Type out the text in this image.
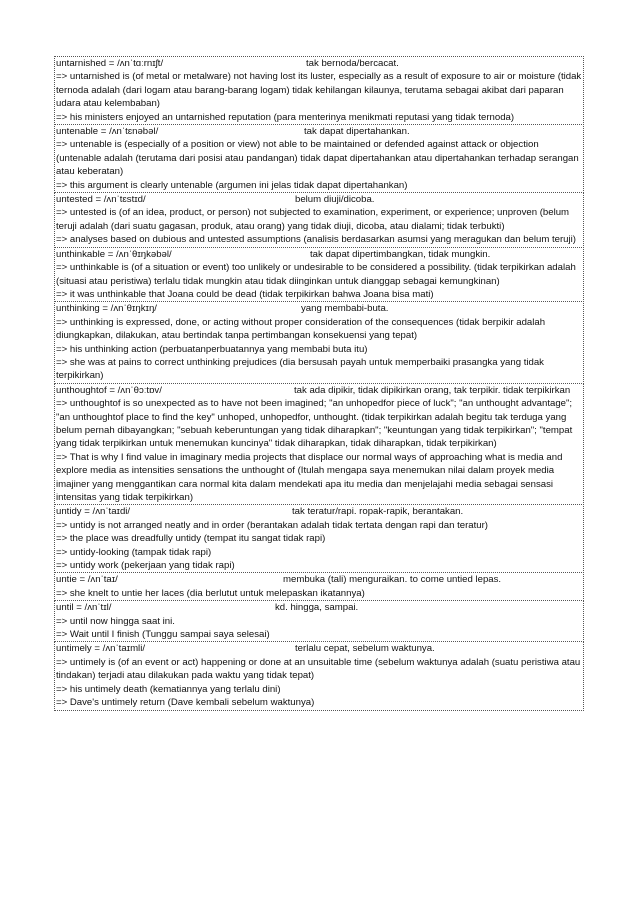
untarnished = /ʌnˈtɑːrnɪʃt/	tak bernoda/bercacat.
=> untarnished is (of metal or metalware) not having lost its luster, especially as a result of exposure to air or moisture (tidak ternoda adalah (dari logam atau barang-barang logam) tidak kehilangan kilaunya, terutama sebagai akibat dari paparan udara atau kelembaban)
=> his ministers enjoyed an untarnished reputation (para menterinya menikmati reputasi yang tidak ternoda)
untenable = /ʌnˈtɛnəbəl/	tak dapat dipertahankan.
=> untenable is (especially of a position or view) not able to be maintained or defended against attack or objection (untenable adalah (terutama dari posisi atau pandangan) tidak dapat dipertahankan atau dipertahankan terhadap serangan atau keberatan)
=> this argument is clearly untenable (argumen ini jelas tidak dapat dipertahankan)
untested = /ʌnˈtɛstɪd/	belum diuji/dicoba.
=> untested is (of an idea, product, or person) not subjected to examination, experiment, or experience; unproven (belum teruji adalah (dari suatu gagasan, produk, atau orang) yang tidak diuji, dicoba, atau dialami; tidak terbukti)
=> analyses based on dubious and untested assumptions (analisis berdasarkan asumsi yang meragukan dan belum teruji)
unthinkable = /ʌnˈθɪŋkəbəl/	tak dapat dipertimbangkan, tidak mungkin.
=> unthinkable is (of a situation or event) too unlikely or undesirable to be considered a possibility. (tidak terpikirkan adalah (situasi atau peristiwa) terlalu tidak mungkin atau tidak diinginkan untuk dianggap sebagai kemungkinan)
=> it was unthinkable that Joana could be dead (tidak terpikirkan bahwa Joana bisa mati)
unthinking = /ʌnˈθɪŋkɪŋ/	yang membabi-buta.
=> unthinking is expressed, done, or acting without proper consideration of the consequences (tidak berpikir adalah diungkapkan, dilakukan, atau bertindak tanpa pertimbangan konsekuensi yang tepat)
=> his unthinking action (perbuatanperbuatannya yang membabi buta itu)
=> she was at pains to correct unthinking prejudices (dia bersusah payah untuk memperbaiki prasangka yang tidak terpikirkan)
unthoughtof = /ʌnˈθɔːtɒv/	tak ada dipikir, tidak dipikirkan orang, tak terpikir. tidak terpikirkan
=> unthoughtof is so unexpected as to have not been imagined; "an unhopedfor piece of luck"; "an unthought advantage"; "an unthoughtof place to find the key" unhoped, unhopedfor, unthought. (tidak terpikirkan adalah begitu tak terduga yang belum pernah dibayangkan; "sebuah keberuntungan yang tidak diharapkan"; "keuntungan yang tidak terpikirkan"; "tempat yang tidak terpikirkan untuk menemukan kuncinya" tidak diharapkan, tidak diharapkan, tidak terpikirkan)
=> That is why I find value in imaginary media projects that displace our normal ways of approaching what is media and explore media as intensities sensations the unthought of (Itulah mengapa saya menemukan nilai dalam proyek media imajiner yang menggantikan cara normal kita dalam mendekati apa itu media dan menjelajahi media sebagai sensasi intensitas yang tidak terpikirkan)
untidy = /ʌnˈtaɪdi/	tak teratur/rapi. ropak-rapik, berantakan.
=> untidy is not arranged neatly and in order (berantakan adalah tidak tertata dengan rapi dan teratur)
=> the place was dreadfully untidy (tempat itu sangat tidak rapi)
=> untidy-looking (tampak tidak rapi)
=> untidy work (pekerjaan yang tidak rapi)
untie = /ʌnˈtaɪ/	membuka (tali) menguraikan. to come untied lepas.
=> she knelt to untie her laces (dia berlutut untuk melepaskan ikatannya)
until = /ʌnˈtɪl/	kd. hingga, sampai.
=> until now hingga saat ini.
=> Wait until I finish (Tunggu sampai saya selesai)
untimely = /ʌnˈtaɪmli/	terlalu cepat, sebelum waktunya.
=> untimely is (of an event or act) happening or done at an unsuitable time (sebelum waktunya adalah (suatu peristiwa atau tindakan) terjadi atau dilakukan pada waktu yang tidak tepat)
=> his untimely death (kematiannya yang terlalu dini)
=> Dave's untimely return (Dave kembali sebelum waktunya)
